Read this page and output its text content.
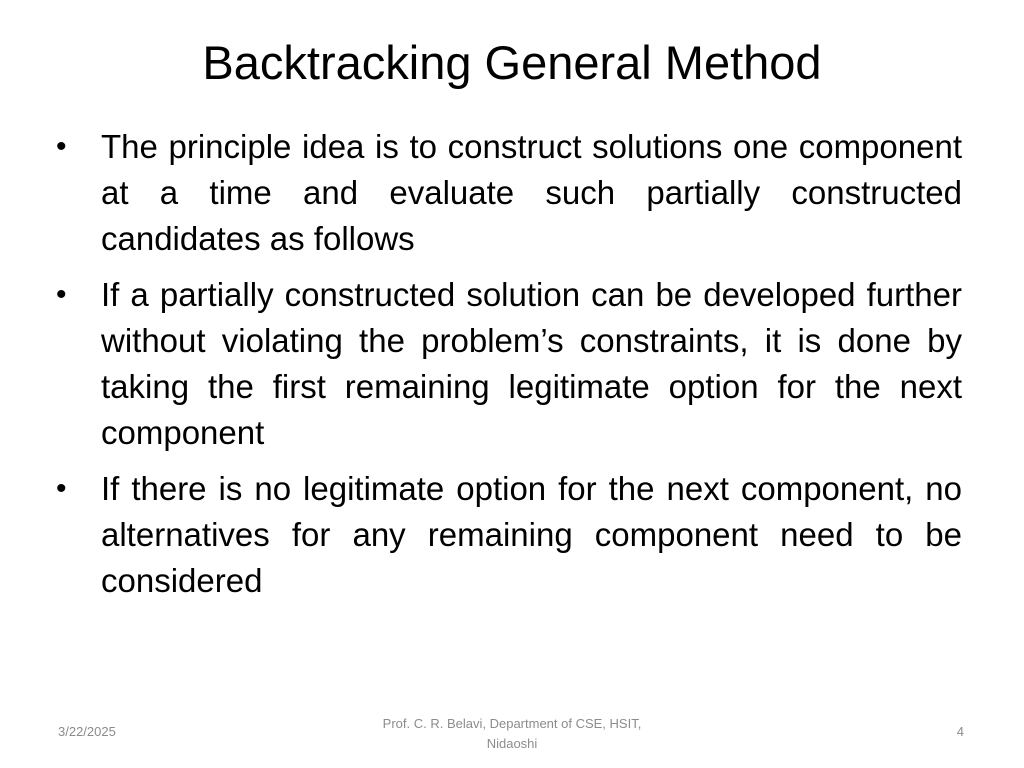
Backtracking General Method
• The principle idea is to construct solutions one component at a time and evaluate such partially constructed candidates as follows
• If a partially constructed solution can be developed further without violating the problem’s constraints, it is done by taking the first remaining legitimate option for the next component
• If there is no legitimate option for the next component, no alternatives for any remaining component need to be considered
3/22/2025
Prof. C. R. Belavi, Department of CSE, HSIT,
Nidaoshi
4
